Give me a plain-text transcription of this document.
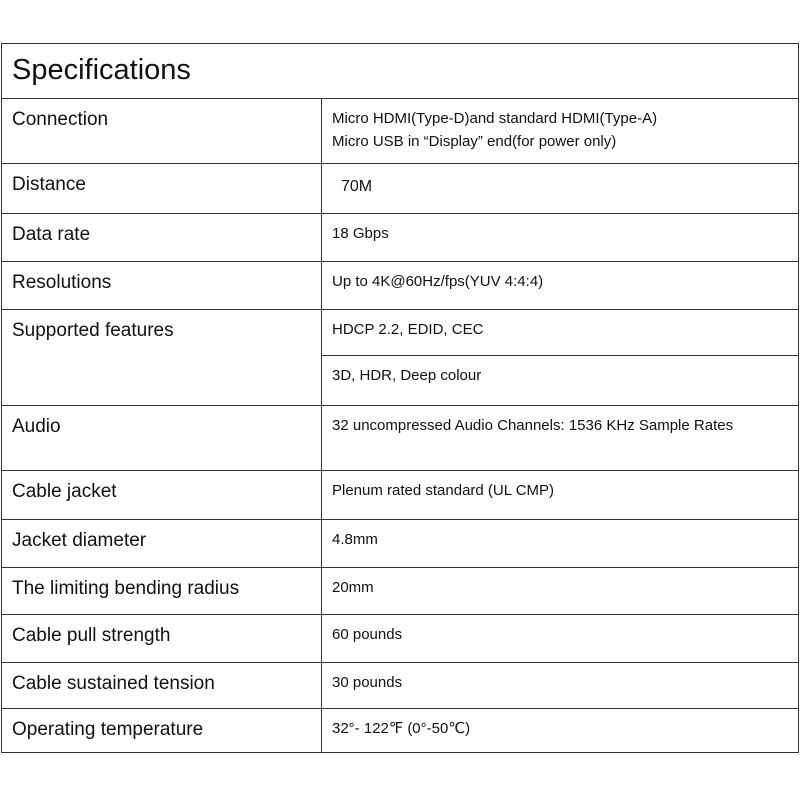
Specifications	
Connection	Micro HDMI(Type-D)and standard HDMI(Type-A)
Micro USB in “Display” end(for power only)

Distance	70M
Data rate	18 Gbps
Resolutions	Up to 4K@60Hz/fps(YUV 4:4:4)
Supported features	HDCP 2.2, EDID, CEC
	3D, HDR, Deep colour
Audio	32 uncompressed Audio Channels: 1536 KHz Sample Rates
Cable jacket	Plenum rated standard (UL CMP)
Jacket diameter	4.8mm
The limiting bending radius	20mm
Cable pull strength	60 pounds
Cable sustained tension	30 pounds
Operating temperature	32°- 122℉ (0°-50℃)
